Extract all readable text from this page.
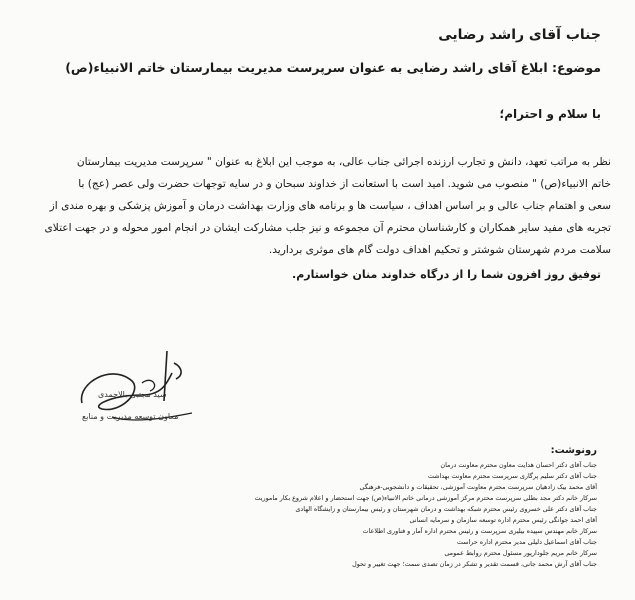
جناب آقای راشد رضایی
موضوع: ابلاغ آقای راشد رضایی به عنوان سرپرست مدیریت بیمارستان خاتم الانبیاء(ص)
با سلام و احترام؛

نظر به مراتب تعهد، دانش و تجارب ارزنده اجرائی جناب عالی، به موجب این ابلاغ به عنوان " سرپرست مدیریت بیمارستان

خاتم الانبیاء(ص) " منصوب می شوید. امید است با استعانت از خداوند سبحان و در سایه توجهات حضرت ولی عصر (عج) با

سعی و اهتمام جناب عالی و بر اساس اهداف ، سیاست ها و برنامه های وزارت بهداشت درمان و آموزش پزشکی و بهره مندی از

تجربه های مفید سایر همکاران و کارشناسان محترم آن مجموعه و نیز جلب مشارکت ایشان در انجام امور محوله و در جهت اعتلای

سلامت مردم شهرستان شوشتر و تحکیم اهداف دولت گام های موثری بردارید.

توفیق روز افزون شما را از درگاه خداوند منان خواستارم.
سید مجتبی بالاحمدی
معاون توسعه مدیریت و منابع
رونوشت:
جناب آقای دکتر احسان هدایت معاون محترم معاونت درمان
جناب آقای دکتر سلیم پرگاری سرپرست محترم معاونت بهداشت
آقای محمد بیک زادهیان سرپرست محترم معاونت آموزشی، تحقیقات و دانشجویی-فرهنگی
سرکار خانم دکتر مجد بطلی سرپرست محترم مرکز آموزشی درمانی خاتم الانبیاء(ص) جهت استحضار و اعلام شروع بکار ماموریت
جناب آقای دکتر علی خسروی رئیس محترم شبکه بهداشت و درمان شهرستان و رئیس بیمارستان و زایشگاه الهادی
آقای احمد جوانگی رئیس محترم اداره توسعه سازمان و سرمایه انسانی
سرکار خانم مهندس سپیده بیلیری سرپرست و رئیس محترم اداره آمار و فناوری اطلاعات
جناب آقای اسماعیل دلیلی مدیر محترم اداره حراست
سرکار خانم مریم جلودارپور مسئول محترم روابط عمومی
جناب آقای آرش محمد جانی، قسمت تقدیر و تشکر در زمان تصدی سمت؛ جهت تغییر و تحول
